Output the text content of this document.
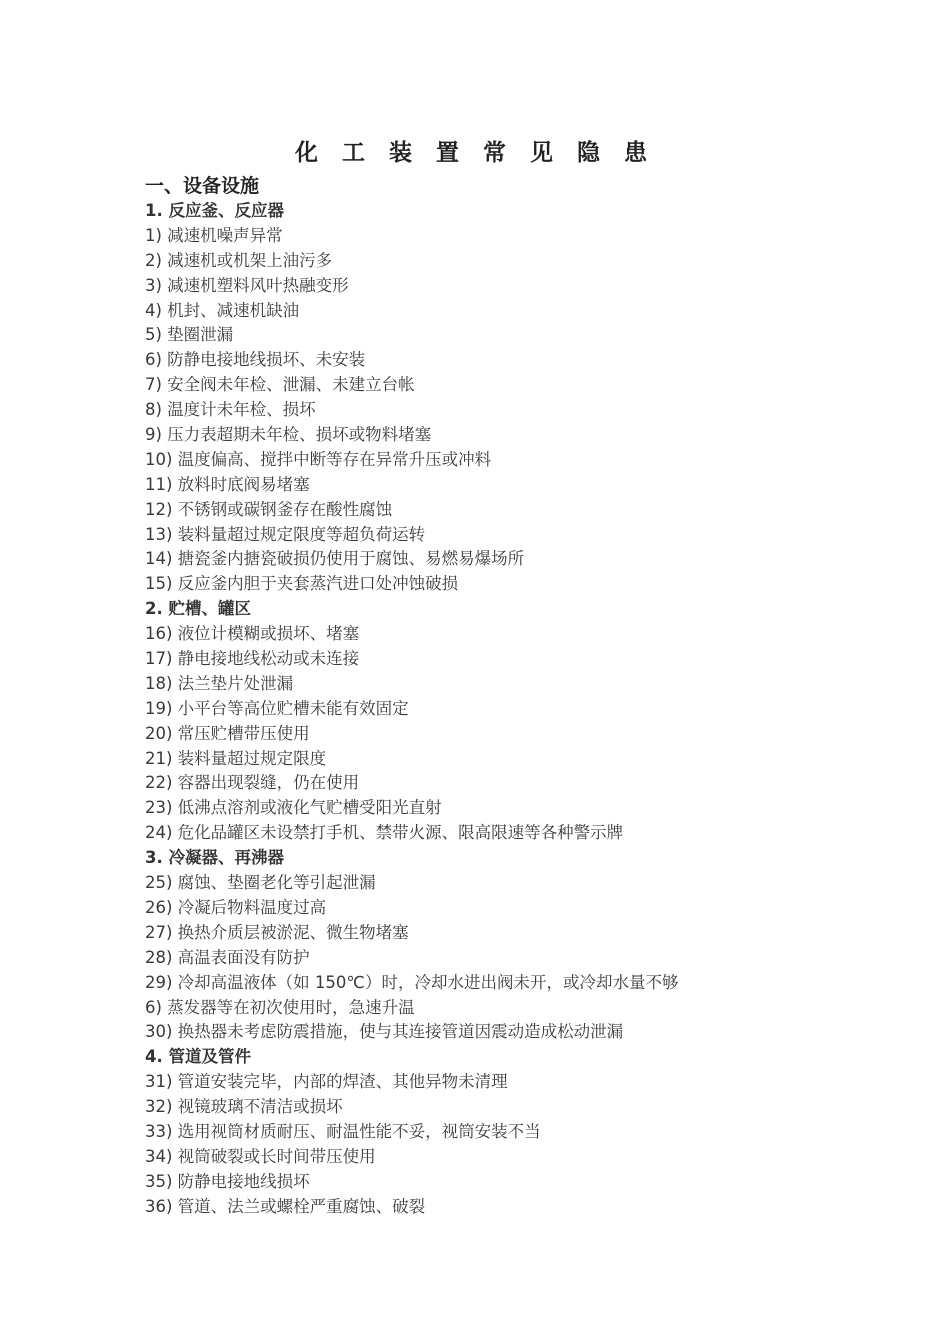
化 工 装 置 常 见 隐 患
一、设备设施
1. 反应釜、反应器
1) 减速机噪声异常
2) 减速机或机架上油污多
3) 减速机塑料风叶热融变形
4) 机封、减速机缺油
5) 垫圈泄漏
6) 防静电接地线损坏、未安装
7) 安全阀未年检、泄漏、未建立台帐
8) 温度计未年检、损坏
9) 压力表超期未年检、损坏或物料堵塞
10) 温度偏高、搅拌中断等存在异常升压或冲料
11) 放料时底阀易堵塞
12) 不锈钢或碳钢釜存在酸性腐蚀
13) 装料量超过规定限度等超负荷运转
14) 搪瓷釜内搪瓷破损仍使用于腐蚀、易燃易爆场所
15) 反应釜内胆于夹套蒸汽进口处冲蚀破损
2. 贮槽、罐区
16) 液位计模糊或损坏、堵塞
17) 静电接地线松动或未连接
18) 法兰垫片处泄漏
19) 小平台等高位贮槽未能有效固定
20) 常压贮槽带压使用
21) 装料量超过规定限度
22) 容器出现裂缝，仍在使用
23) 低沸点溶剂或液化气贮槽受阳光直射
24) 危化品罐区未设禁打手机、禁带火源、限高限速等各种警示牌
3. 冷凝器、再沸器
25) 腐蚀、垫圈老化等引起泄漏
26) 冷凝后物料温度过高
27) 换热介质层被淤泥、微生物堵塞
28) 高温表面没有防护
29) 冷却高温液体（如 150℃）时，冷却水进出阀未开，或冷却水量不够
6) 蒸发器等在初次使用时，急速升温
30) 换热器未考虑防震措施，使与其连接管道因震动造成松动泄漏
4. 管道及管件
31) 管道安装完毕，内部的焊渣、其他异物未清理
32) 视镜玻璃不清洁或损坏
33) 选用视筒材质耐压、耐温性能不妥，视筒安装不当
34) 视筒破裂或长时间带压使用
35) 防静电接地线损坏
36) 管道、法兰或螺栓严重腐蚀、破裂
